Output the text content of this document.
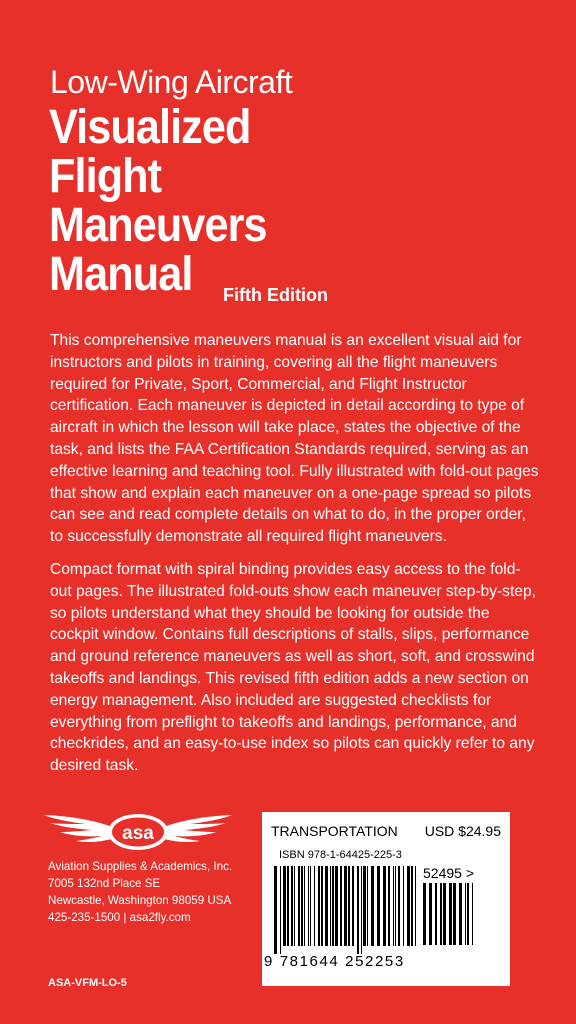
Low-Wing Aircraft
Visualized
Flight
Maneuvers
Manual	Fifth Edition

This comprehensive maneuvers manual is an excellent visual aid for instructors and pilots in training, covering all the flight maneuvers required for Private, Sport, Commercial, and Flight Instructor certification. Each maneuver is depicted in detail according to type of aircraft in which the lesson will take place, states the objective of the task, and lists the FAA Certification Standards required, serving as an effective learning and teaching tool. Fully illustrated with fold-out pages that show and explain each maneuver on a one-page spread so pilots can see and read complete details on what to do, in the proper order, to successfully demonstrate all required flight maneuvers.

Compact format with spiral binding provides easy access to the fold-out pages. The illustrated fold-outs show each maneuver step-by-step, so pilots understand what they should be looking for outside the cockpit window. Contains full descriptions of stalls, slips, performance and ground reference maneuvers as well as short, soft, and crosswind takeoffs and landings. This revised fifth edition adds a new section on energy management. Also included are suggested checklists for everything from preflight to takeoffs and landings, performance, and checkrides, and an easy-to-use index so pilots can quickly refer to any desired task.

asa
Aviation Supplies & Academics, Inc.
7005 132nd Place SE
Newcastle, Washington 98059 USA
425-235-1500 | asa2fly.com
ASA-VFM-LO-5
TRANSPORTATION USD $24.95
ISBN 978-1-64425-225-3
52495 >
9 781644 252253
